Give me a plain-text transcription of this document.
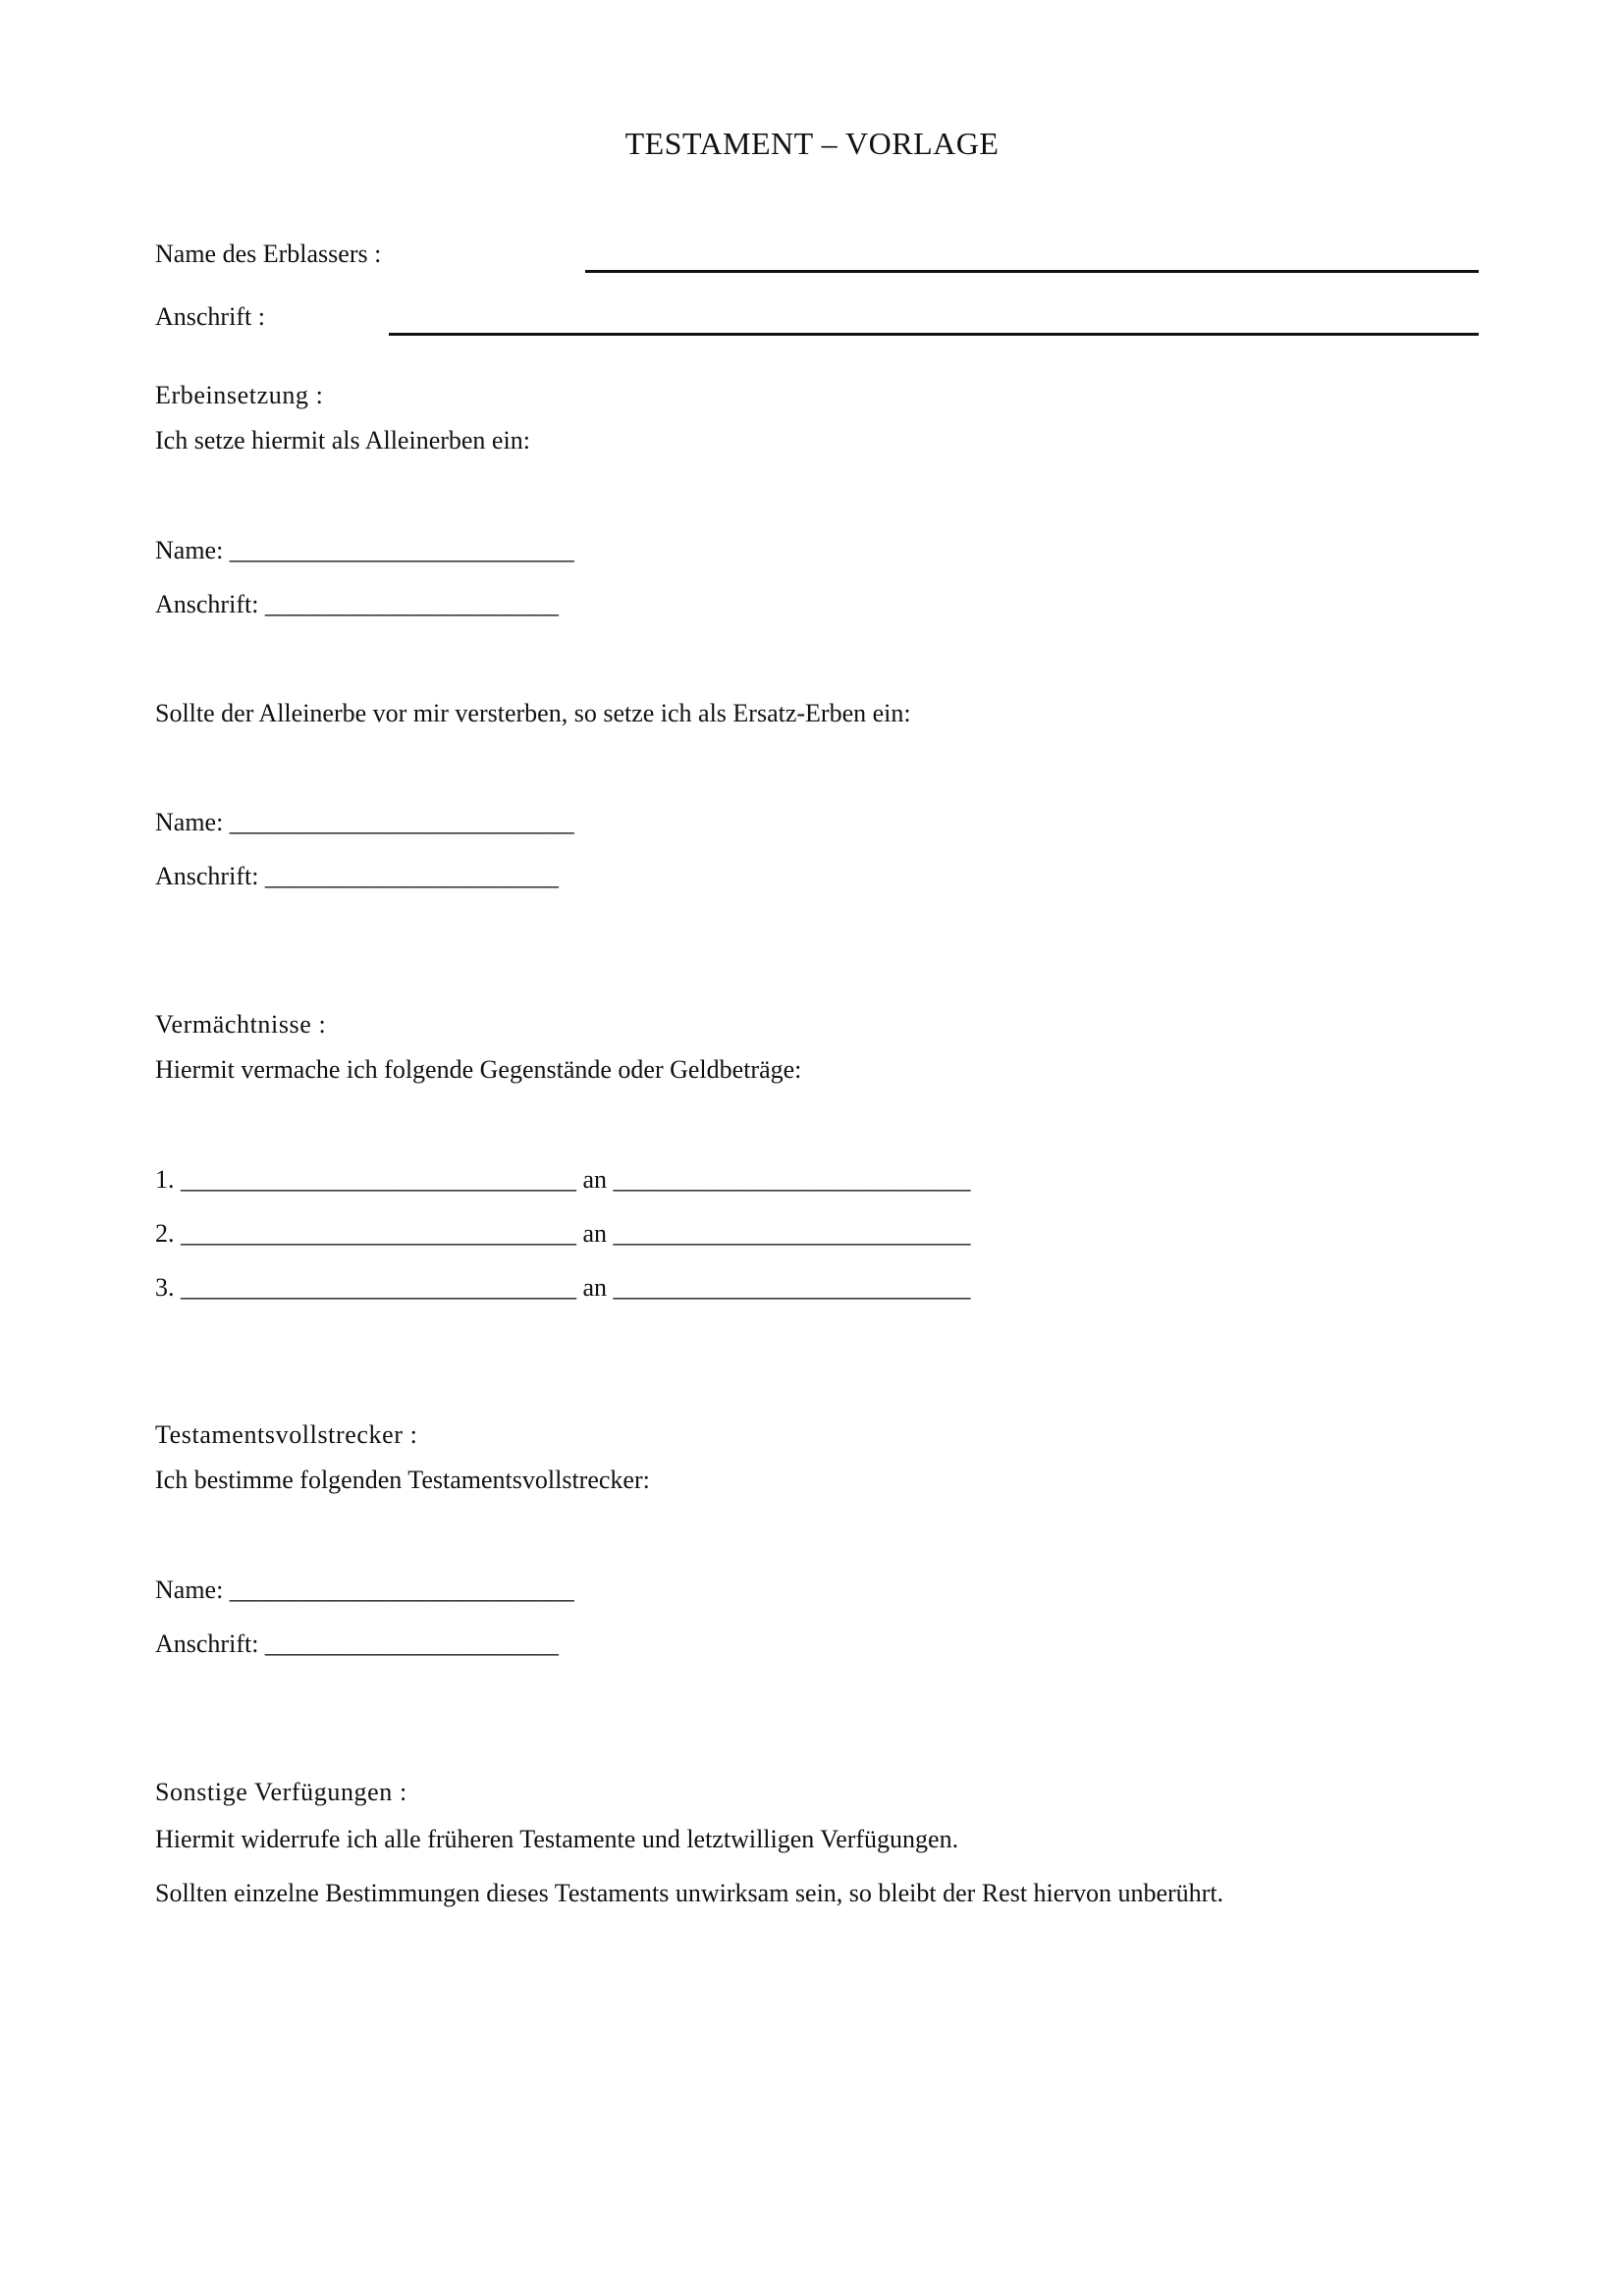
TESTAMENT – VORLAGE
Name des Erblassers :
Anschrift :
Erbeinsetzung :
Ich setze hiermit als Alleinerben ein:
Name: ___________________________
Anschrift: _______________________
Sollte der Alleinerbe vor mir versterben, so setze ich als Ersatz-Erben ein:
Name: ___________________________
Anschrift: _______________________
Vermächtnisse :
Hiermit vermache ich folgende Gegenstände oder Geldbeträge:
1. _______________________________ an ____________________________
2. _______________________________ an ____________________________
3. _______________________________ an ____________________________
Testamentsvollstrecker :
Ich bestimme folgenden Testamentsvollstrecker:
Name: ___________________________
Anschrift: _______________________
Sonstige Verfügungen :
Hiermit widerrufe ich alle früheren Testamente und letztwilligen Verfügungen.
Sollten einzelne Bestimmungen dieses Testaments unwirksam sein, so bleibt der Rest hiervon unberührt.
